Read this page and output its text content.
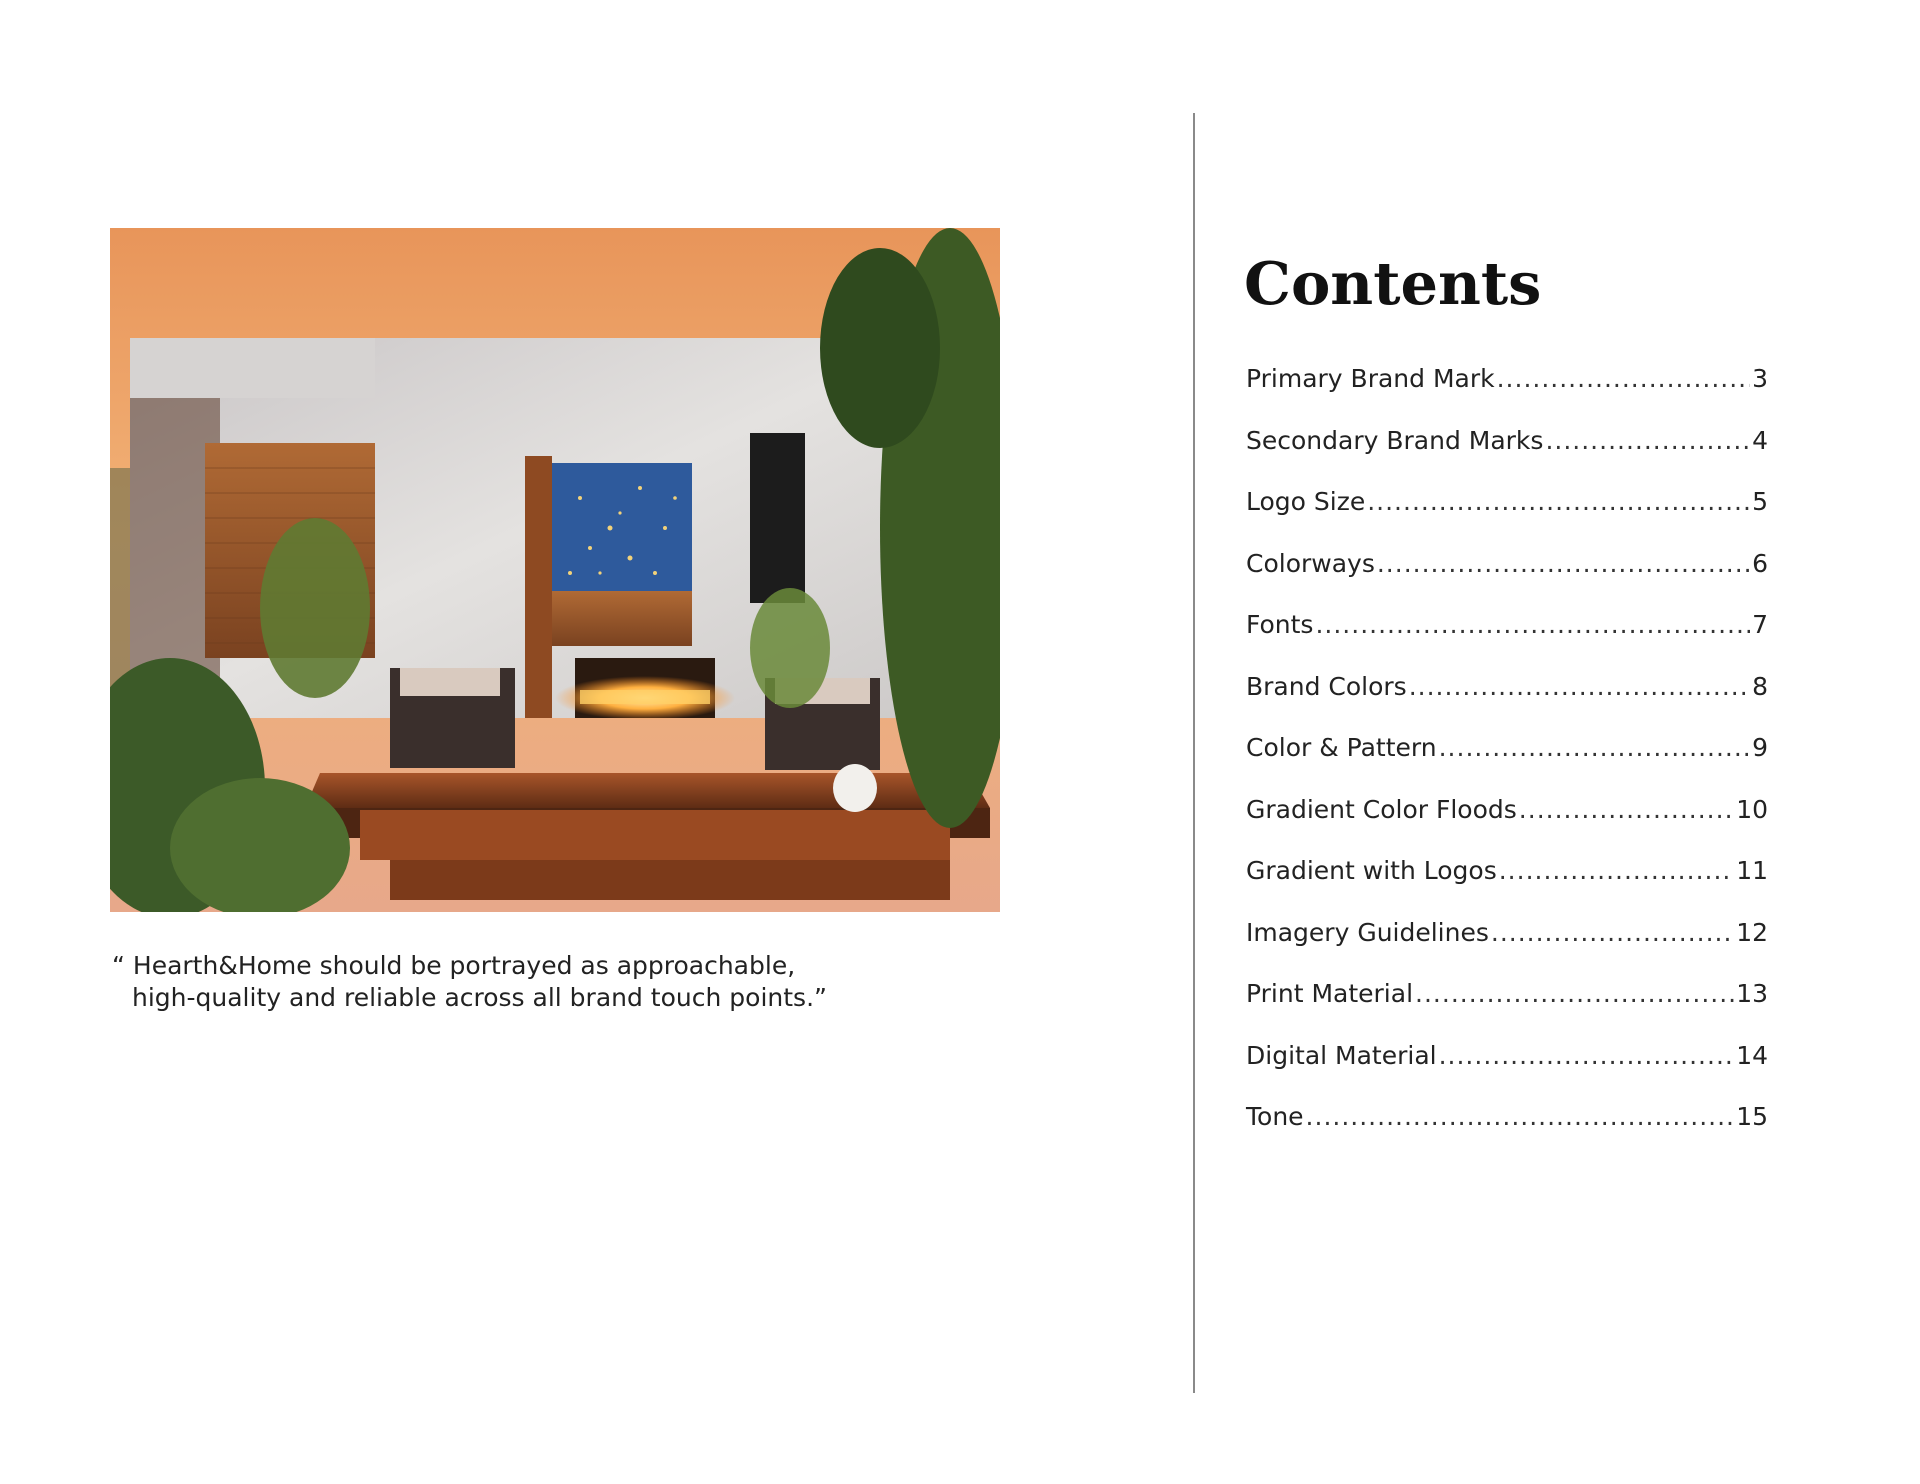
“ Hearth&Home should be portrayed as approachable,
high-quality and reliable across all brand touch points.”
Contents
Primary Brand Mark .....	3
Secondary Brand Marks .....	4
Logo Size .....	5
Colorways .....	6
Fonts .....	7
Brand Colors .....	8
Color & Pattern .....	9
Gradient Color Floods .....	10
Gradient with Logos .....	11
Imagery Guidelines .....	12
Print Material .....	13
Digital Material .....	14
Tone .....	15
